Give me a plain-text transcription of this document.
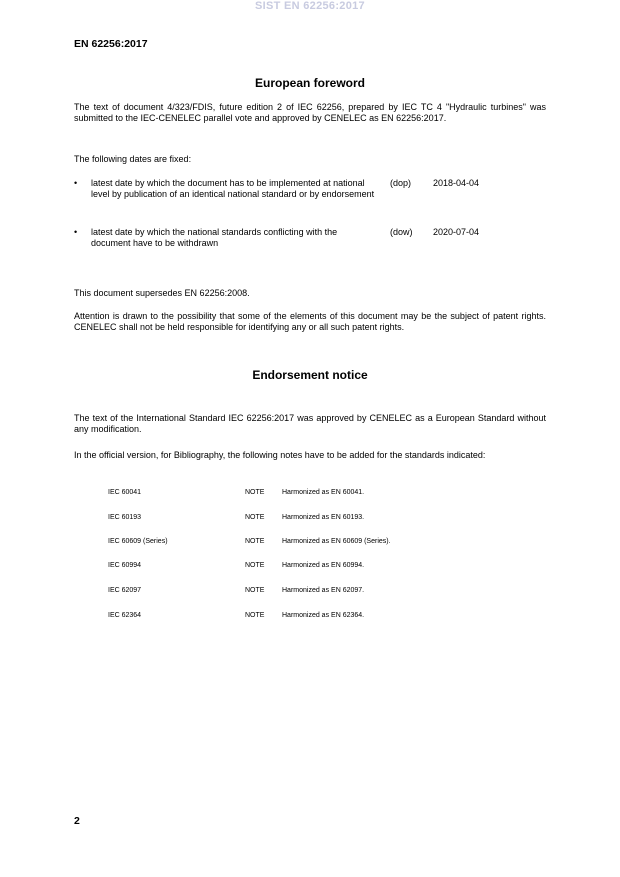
SIST EN 62256:2017
EN 62256:2017
European foreword

The text of document 4/323/FDIS, future edition 2 of IEC 62256, prepared by IEC TC 4 "Hydraulic turbines" was submitted to the IEC-CENELEC parallel vote and approved by CENELEC as EN 62256:2017.

The following dates are fixed:

• latest date by which the document has to be implemented at national level by publication of an identical national standard or by endorsement
(dop) 2018-04-04
• latest date by which the national standards conflicting with the document have to be withdrawn
(dow) 2020-07-04

This document supersedes EN 62256:2008.

Attention is drawn to the possibility that some of the elements of this document may be the subject of patent rights. CENELEC shall not be held responsible for identifying any or all such patent rights.

Endorsement notice

The text of the International Standard IEC 62256:2017 was approved by CENELEC as a European Standard without any modification.

In the official version, for Bibliography, the following notes have to be added for the standards indicated:

IEC 60041	NOTE	Harmonized as EN 60041.
IEC 60193	NOTE	Harmonized as EN 60193.
IEC 60609 (Series)	NOTE	Harmonized as EN 60609 (Series).
IEC 60994	NOTE	Harmonized as EN 60994.
IEC 62097	NOTE	Harmonized as EN 62097.
IEC 62364	NOTE	Harmonized as EN 62364.
2
